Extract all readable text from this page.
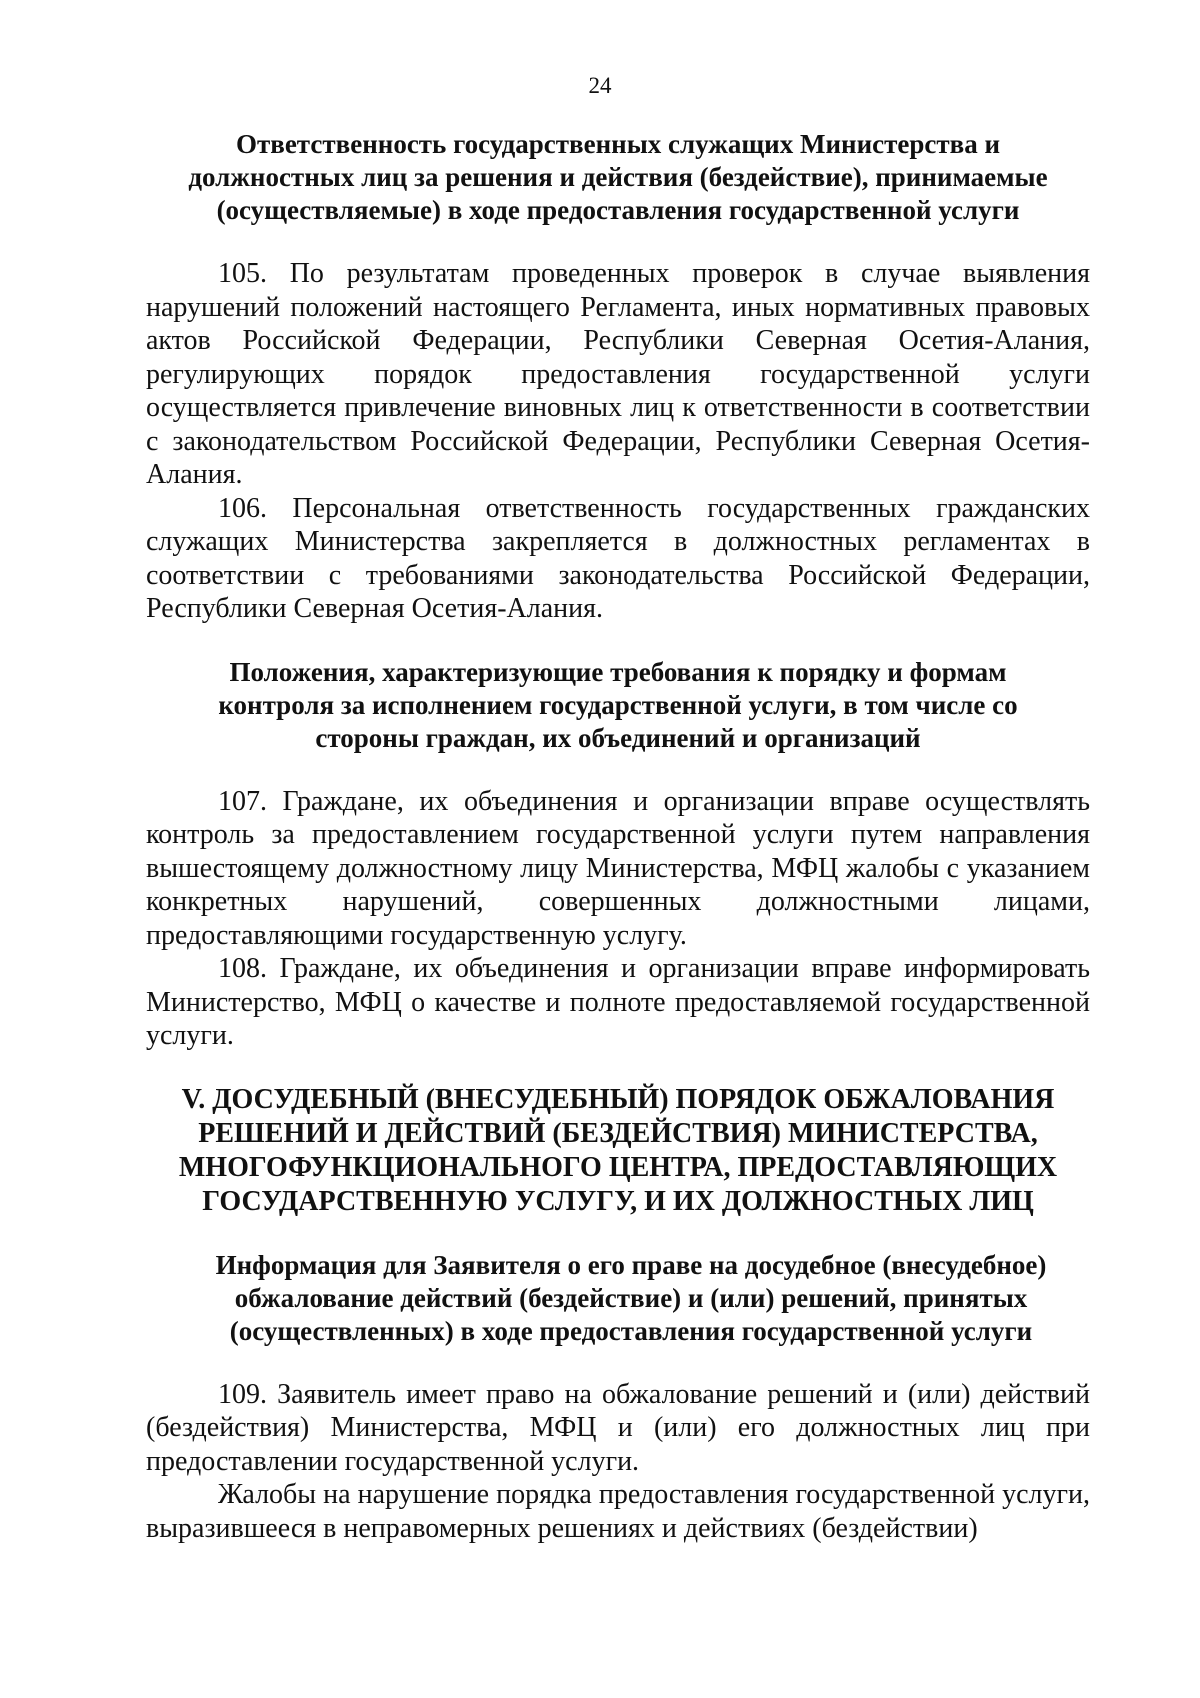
24

Ответственность государственных служащих Министерства и должностных лиц за решения и действия (бездействие), принимаемые (осуществляемые) в ходе предоставления государственной услуги

105. По результатам проведенных проверок в случае выявления нарушений положений настоящего Регламента, иных нормативных правовых актов Российской Федерации, Республики Северная Осетия-Алания, регулирующих порядок предоставления государственной услуги осуществляется привлечение виновных лиц к ответственности в соответствии с законодательством Российской Федерации, Республики Северная Осетия-Алания.

106. Персональная ответственность государственных гражданских служащих Министерства закрепляется в должностных регламентах в соответствии с требованиями законодательства Российской Федерации, Республики Северная Осетия-Алания.

Положения, характеризующие требования к порядку и формам контроля за исполнением государственной услуги, в том числе со стороны граждан, их объединений и организаций

107. Граждане, их объединения и организации вправе осуществлять контроль за предоставлением государственной услуги путем направления вышестоящему должностному лицу Министерства, МФЦ жалобы с указанием конкретных нарушений, совершенных должностными лицами, предоставляющими государственную услугу.

108. Граждане, их объединения и организации вправе информировать Министерство, МФЦ о качестве и полноте предоставляемой государственной услуги.

V. ДОСУДЕБНЫЙ (ВНЕСУДЕБНЫЙ) ПОРЯДОК ОБЖАЛОВАНИЯ РЕШЕНИЙ И ДЕЙСТВИЙ (БЕЗДЕЙСТВИЯ) МИНИСТЕРСТВА, МНОГОФУНКЦИОНАЛЬНОГО ЦЕНТРА, ПРЕДОСТАВЛЯЮЩИХ ГОСУДАРСТВЕННУЮ УСЛУГУ, И ИХ ДОЛЖНОСТНЫХ ЛИЦ

Информация для Заявителя о его праве на досудебное (внесудебное) обжалование действий (бездействие) и (или) решений, принятых (осуществленных) в ходе предоставления государственной услуги

109. Заявитель имеет право на обжалование решений и (или) действий (бездействия) Министерства, МФЦ и (или) его должностных лиц при предоставлении государственной услуги.

Жалобы на нарушение порядка предоставления государственной услуги, выразившееся в неправомерных решениях и действиях (бездействии)
